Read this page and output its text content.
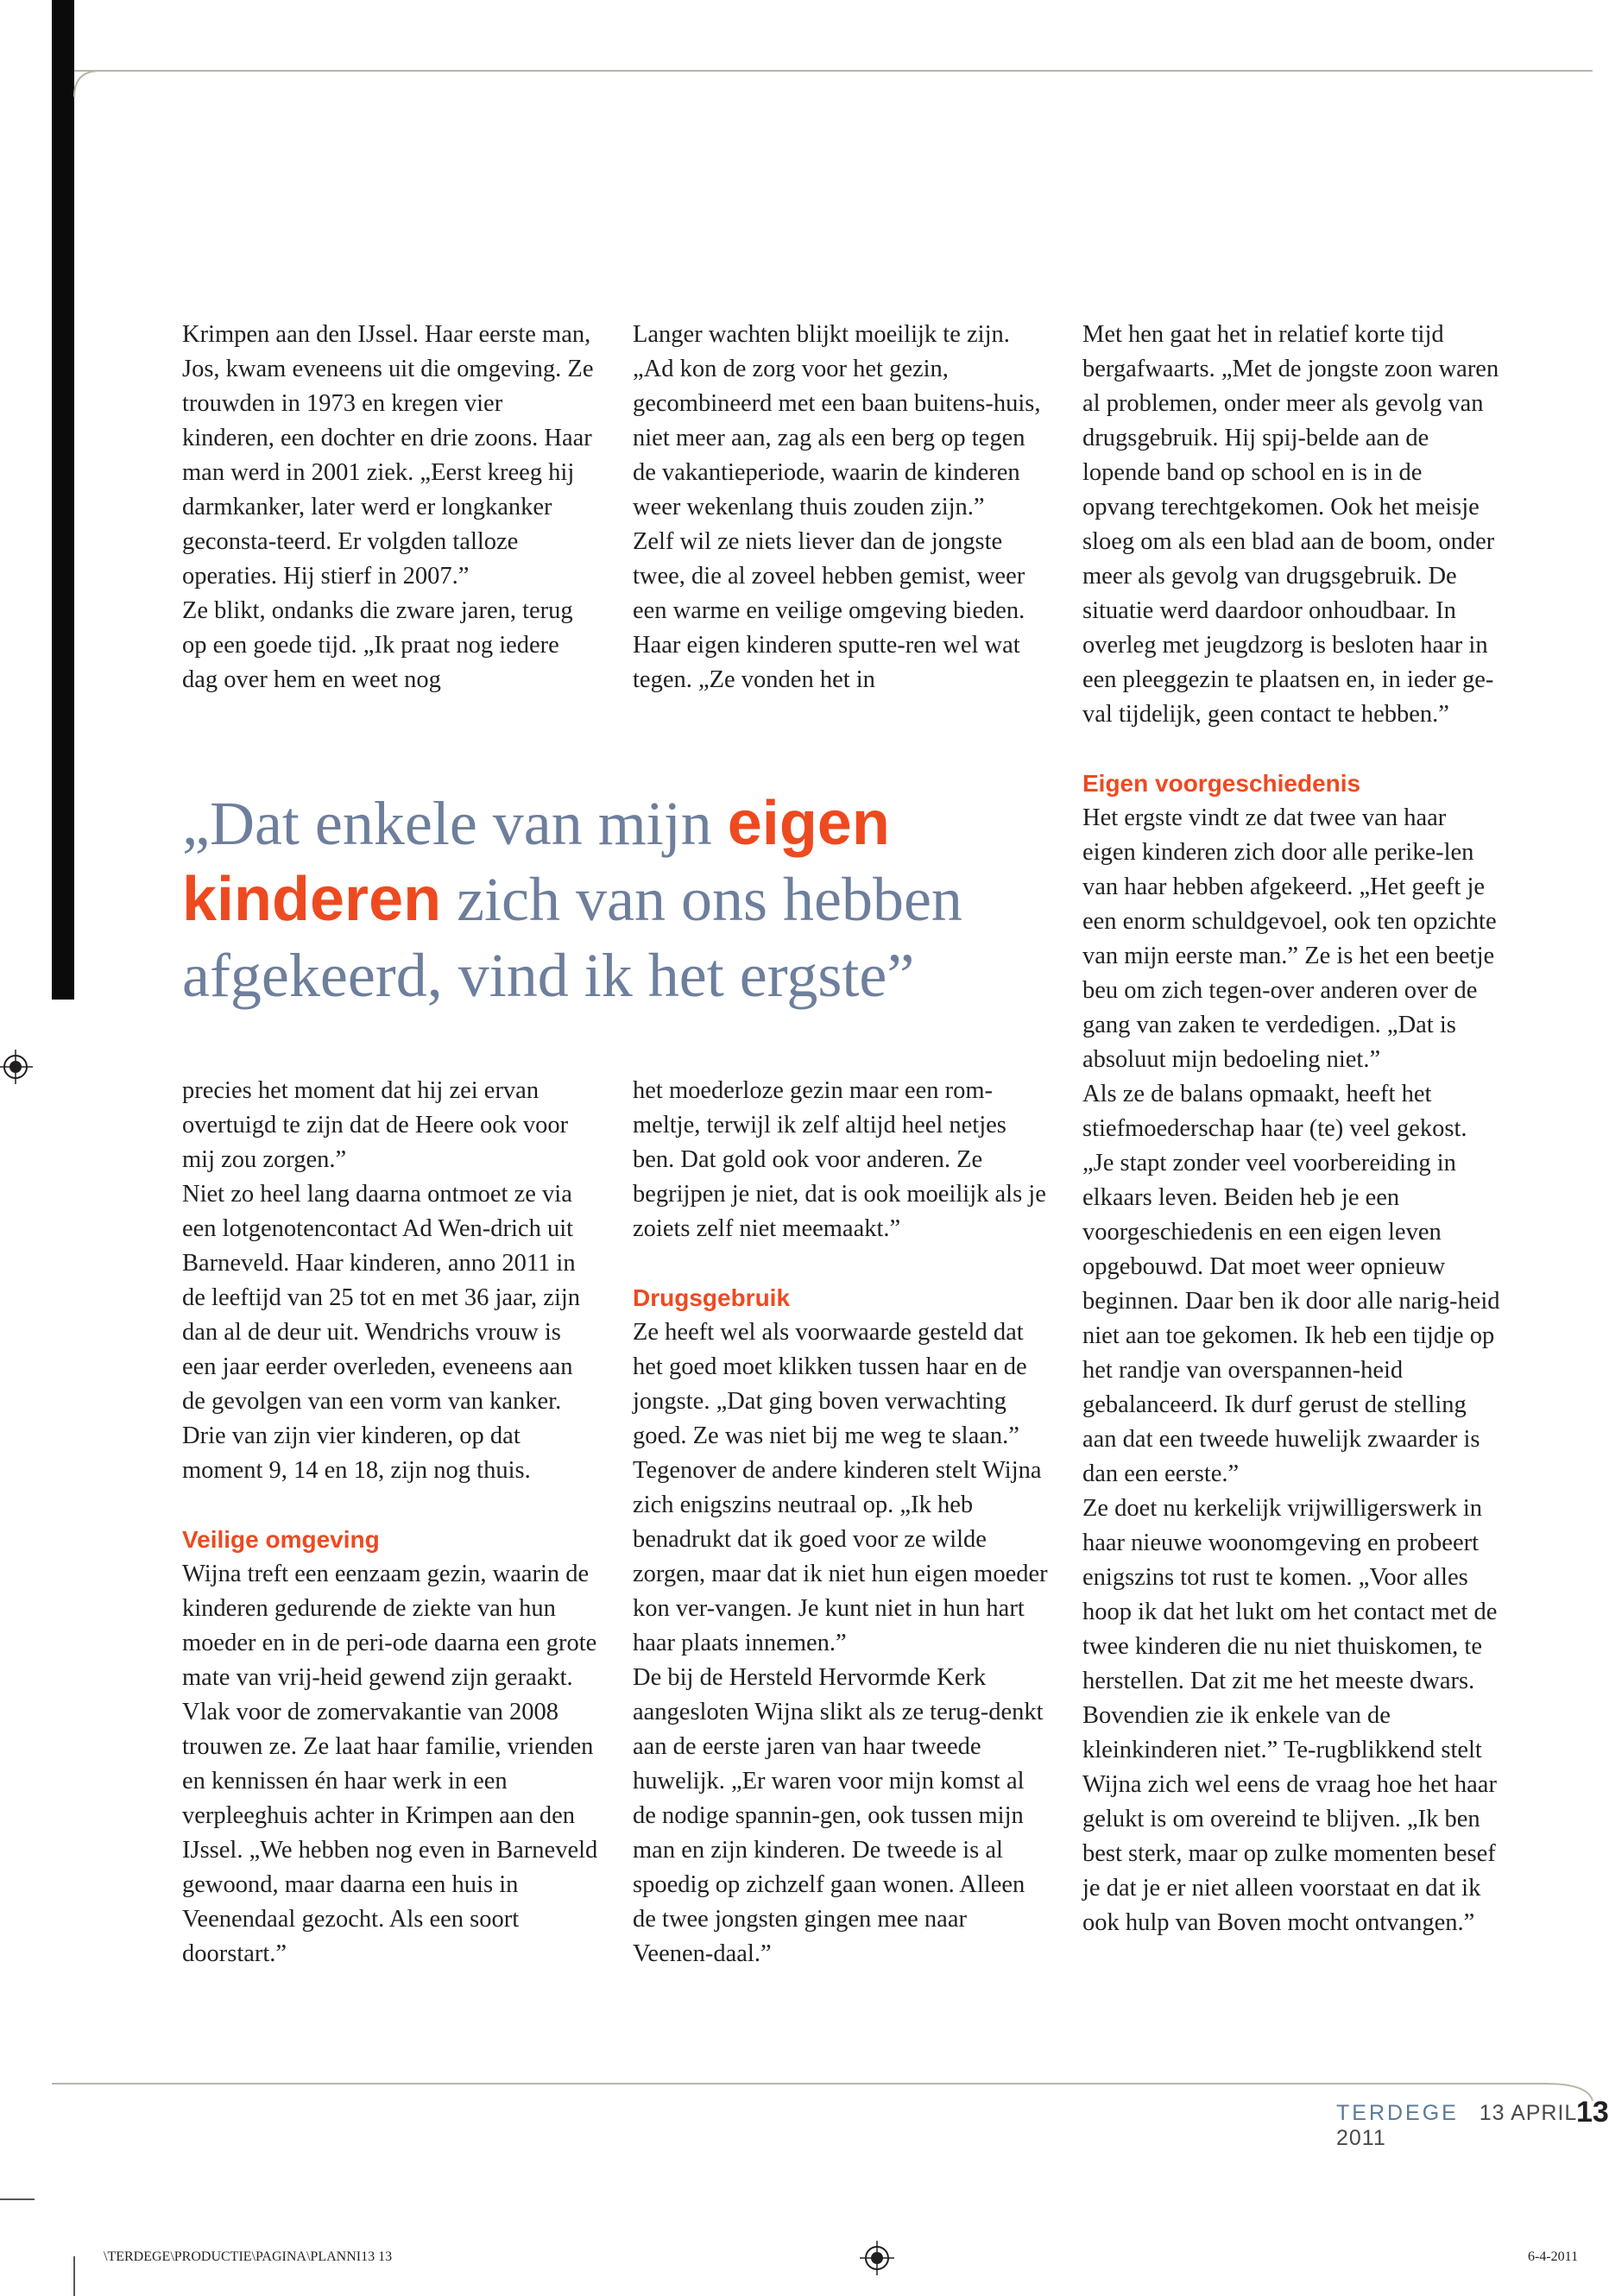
Krimpen aan den IJssel. Haar eerste man, Jos, kwam eveneens uit die omgeving. Ze trouwden in 1973 en kregen vier kinderen, een dochter en drie zoons. Haar man werd in 2001 ziek. „Eerst kreeg hij darmkanker, later werd er longkanker geconsta-teerd. Er volgden talloze operaties. Hij stierf in 2007.”

Ze blikt, ondanks die zware jaren, terug op een goede tijd. „Ik praat nog iedere dag over hem en weet nog

Langer wachten blijkt moeilijk te zijn. „Ad kon de zorg voor het gezin, gecombineerd met een baan buitens-huis, niet meer aan, zag als een berg op tegen de vakantieperiode, waarin de kinderen weer wekenlang thuis zouden zijn.”

Zelf wil ze niets liever dan de jongste twee, die al zoveel hebben gemist, weer een warme en veilige omgeving bieden. Haar eigen kinderen sputte-ren wel wat tegen. „Ze vonden het in

Met hen gaat het in relatief korte tijd bergafwaarts. „Met de jongste zoon waren al problemen, onder meer als gevolg van drugsgebruik. Hij spij-belde aan de lopende band op school en is in de opvang terechtgekomen. Ook het meisje sloeg om als een blad aan de boom, onder meer als gevolg van drugsgebruik. De situatie werd daardoor onhoudbaar. In overleg met jeugdzorg is besloten haar in een pleeggezin te plaatsen en, in ieder ge-val tijdelijk, geen contact te hebben.”

Eigen voorgeschiedenis

Het ergste vindt ze dat twee van haar eigen kinderen zich door alle perike-len van haar hebben afgekeerd. „Het geeft je een enorm schuldgevoel, ook ten opzichte van mijn eerste man.” Ze is het een beetje beu om zich tegen-over anderen over de gang van zaken te verdedigen. „Dat is absoluut mijn bedoeling niet.”

Als ze de balans opmaakt, heeft het stiefmoederschap haar (te) veel gekost. „Je stapt zonder veel voorbereiding in elkaars leven. Beiden heb je een voorgeschiedenis en een eigen leven opgebouwd. Dat moet weer opnieuw beginnen. Daar ben ik door alle narig-heid niet aan toe gekomen. Ik heb een tijdje op het randje van overspannen-heid gebalanceerd. Ik durf gerust de stelling aan dat een tweede huwelijk zwaarder is dan een eerste.”

Ze doet nu kerkelijk vrijwilligerswerk in haar nieuwe woonomgeving en probeert enigszins tot rust te komen. „Voor alles hoop ik dat het lukt om het contact met de twee kinderen die nu niet thuiskomen, te herstellen. Dat zit me het meeste dwars. Bovendien zie ik enkele van de kleinkinderen niet.” Te-rugblikkend stelt Wijna zich wel eens de vraag hoe het haar gelukt is om overeind te blijven. „Ik ben best sterk, maar op zulke momenten besef je dat je er niet alleen voorstaat en dat ik ook hulp van Boven mocht ontvangen.”

„Dat enkele van mijn eigen
kinderen zich van ons hebben afgekeerd, vind ik het ergste”

precies het moment dat hij zei ervan overtuigd te zijn dat de Heere ook voor mij zou zorgen.”

Niet zo heel lang daarna ontmoet ze via een lotgenotencontact Ad Wen-drich uit Barneveld. Haar kinderen, anno 2011 in de leeftijd van 25 tot en met 36 jaar, zijn dan al de deur uit. Wendrichs vrouw is een jaar eerder overleden, eveneens aan de gevolgen van een vorm van kanker. Drie van zijn vier kinderen, op dat moment 9, 14 en 18, zijn nog thuis.

Veilige omgeving

Wijna treft een eenzaam gezin, waarin de kinderen gedurende de ziekte van hun moeder en in de peri-ode daarna een grote mate van vrij-heid gewend zijn geraakt. Vlak voor de zomervakantie van 2008 trouwen ze. Ze laat haar familie, vrienden en kennissen én haar werk in een verpleeghuis achter in Krimpen aan den IJssel. „We hebben nog even in Barneveld gewoond, maar daarna een huis in Veenendaal gezocht. Als een soort doorstart.”

het moederloze gezin maar een rom-meltje, terwijl ik zelf altijd heel netjes ben. Dat gold ook voor anderen. Ze begrijpen je niet, dat is ook moeilijk als je zoiets zelf niet meemaakt.”

Drugsgebruik

Ze heeft wel als voorwaarde gesteld dat het goed moet klikken tussen haar en de jongste. „Dat ging boven verwachting goed. Ze was niet bij me weg te slaan.” Tegenover de andere kinderen stelt Wijna zich enigszins neutraal op. „Ik heb benadrukt dat ik goed voor ze wilde zorgen, maar dat ik niet hun eigen moeder kon ver-vangen. Je kunt niet in hun hart haar plaats innemen.”

De bij de Hersteld Hervormde Kerk aangesloten Wijna slikt als ze terug-denkt aan de eerste jaren van haar tweede huwelijk. „Er waren voor mijn komst al de nodige spannin-gen, ook tussen mijn man en zijn kinderen. De tweede is al spoedig op zichzelf gaan wonen. Alleen de twee jongsten gingen mee naar Veenen-daal.”

TERDEGE 13 APRIL 2011
13
\TERDEGE\PRODUCTIE\PAGINA\PLANNI13 13	6-4-2011
